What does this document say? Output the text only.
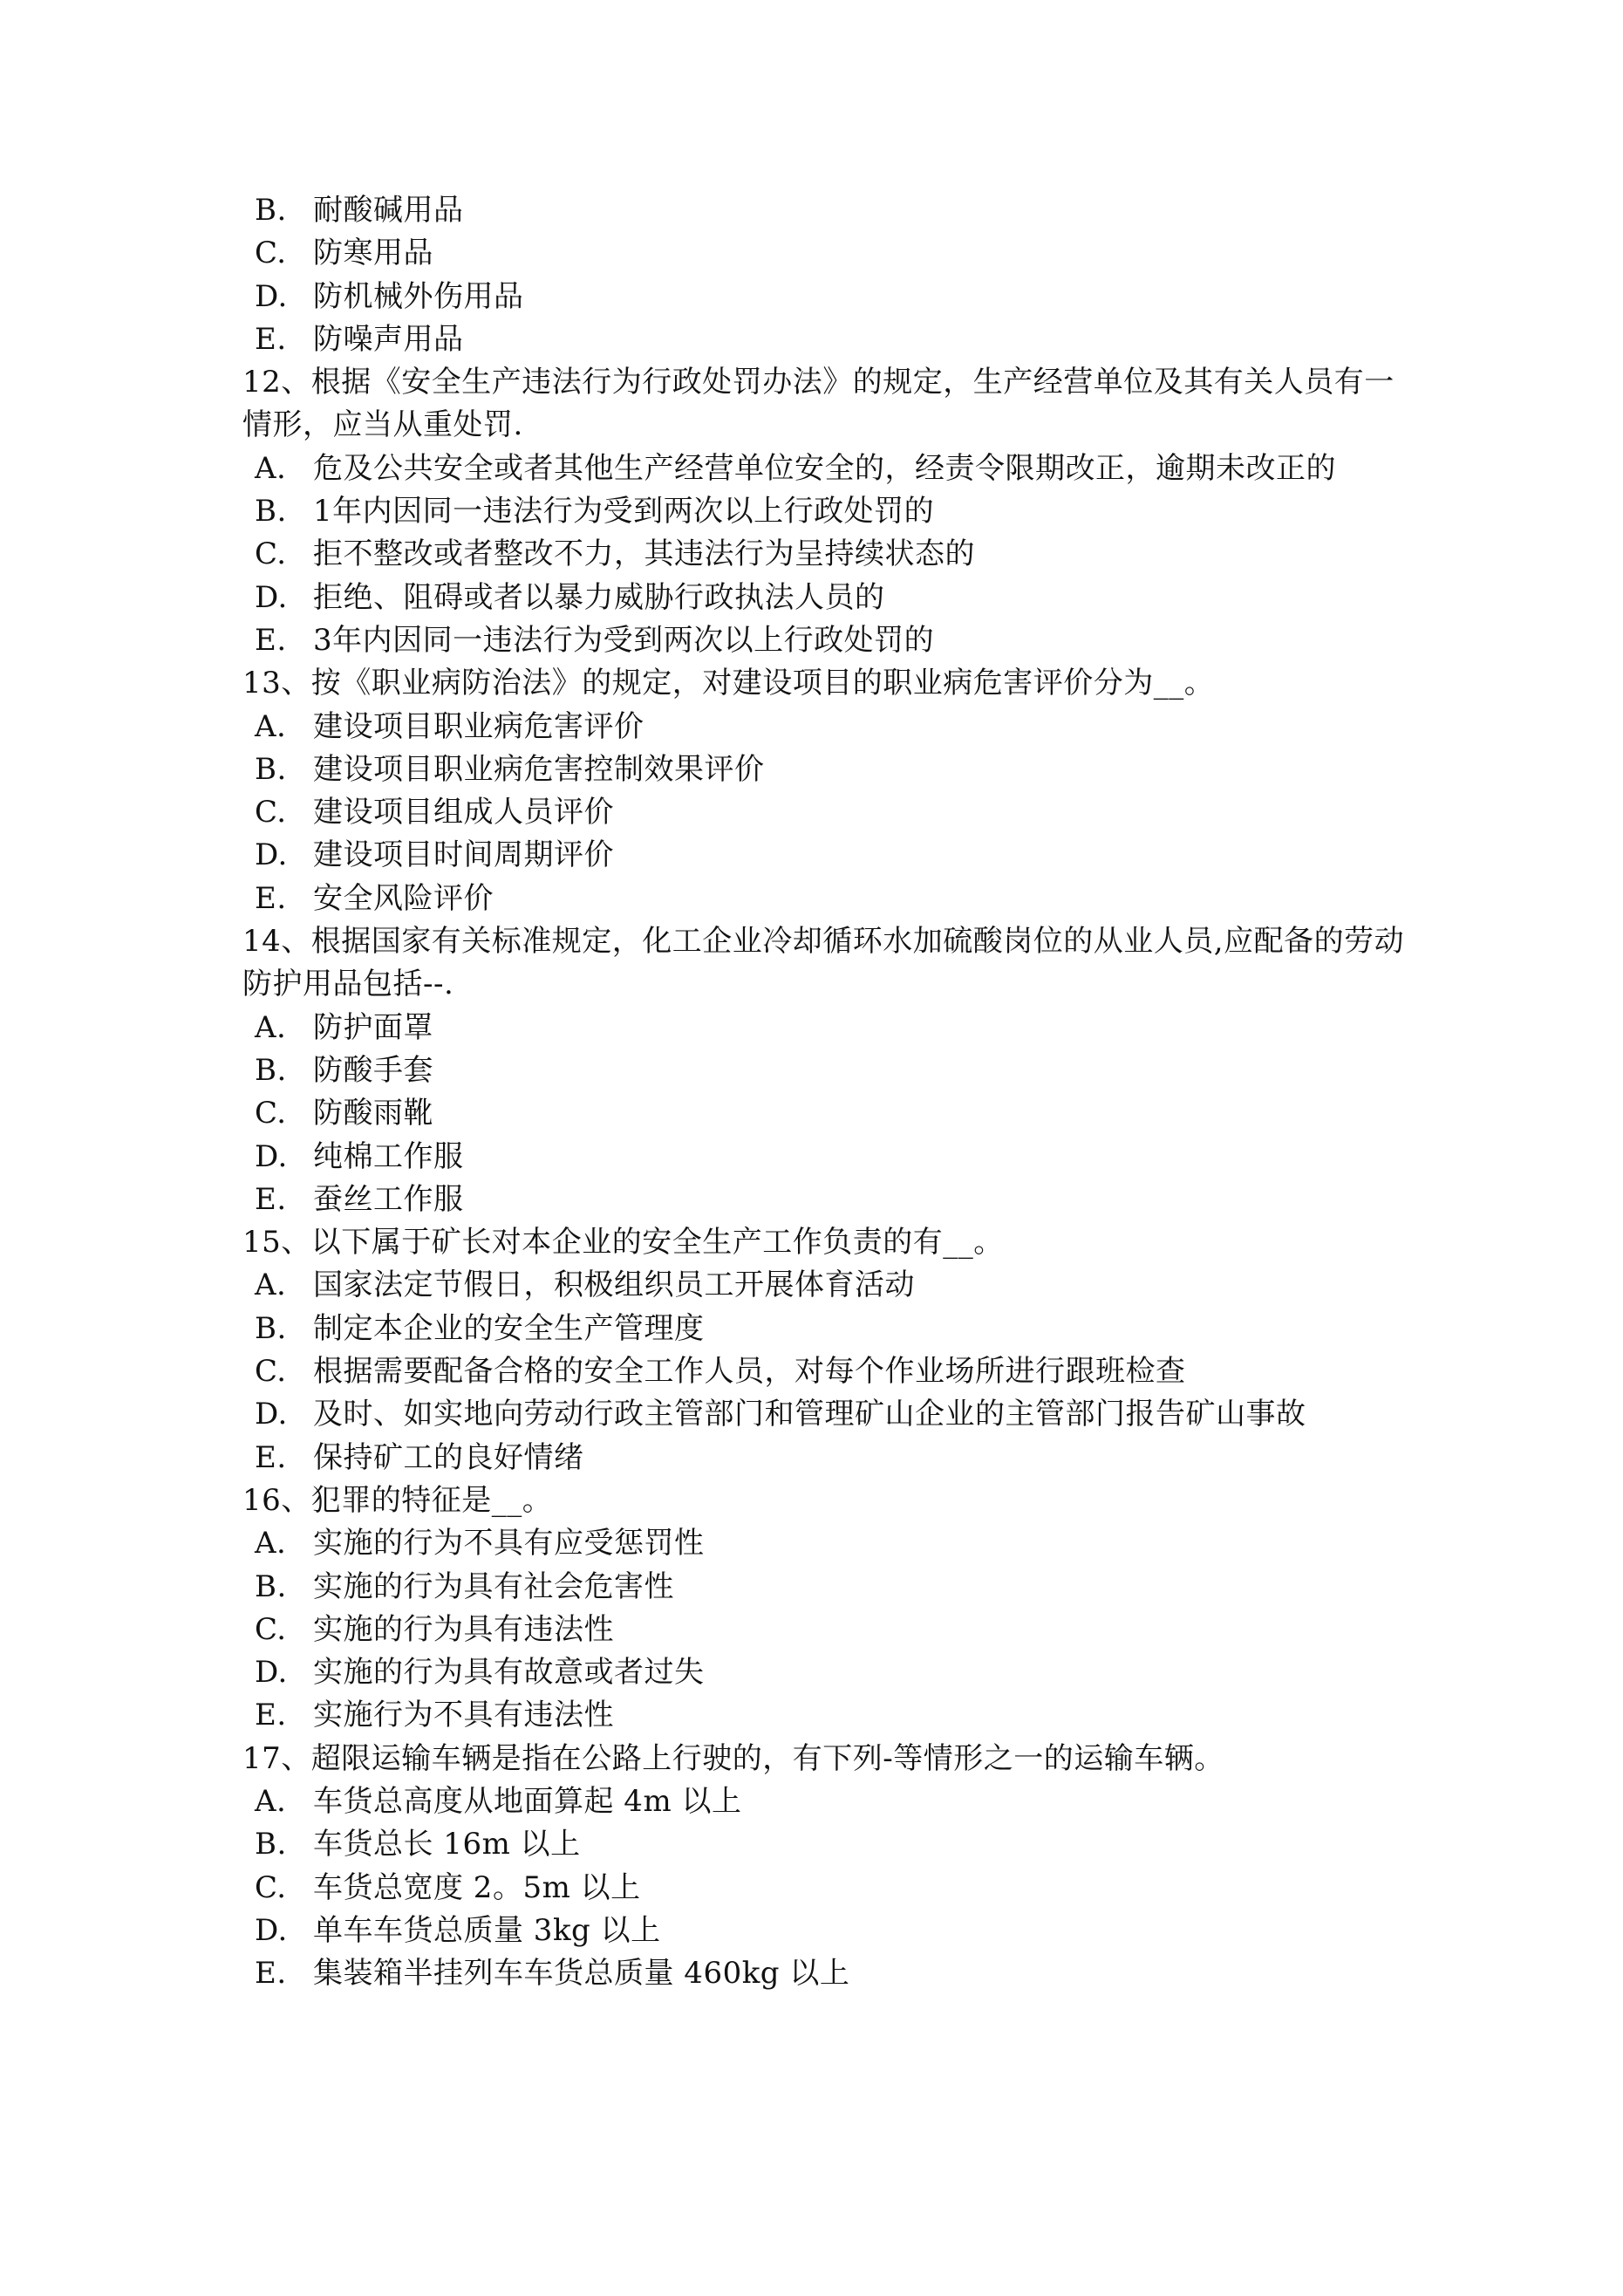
B. 耐酸碱用品
C. 防寒用品
D. 防机械外伤用品
E. 防噪声用品
12、根据《安全生产违法行为行政处罚办法》的规定，生产经营单位及其有关人员有一情形，应当从重处罚.
A. 危及公共安全或者其他生产经营单位安全的，经责令限期改正，逾期未改正的
B. 1年内因同一违法行为受到两次以上行政处罚的
C. 拒不整改或者整改不力，其违法行为呈持续状态的
D. 拒绝、阻碍或者以暴力威胁行政执法人员的
E. 3年内因同一违法行为受到两次以上行政处罚的
13、按《职业病防治法》的规定，对建设项目的职业病危害评价分为__。
A. 建设项目职业病危害评价
B. 建设项目职业病危害控制效果评价
C. 建设项目组成人员评价
D. 建设项目时间周期评价
E. 安全风险评价
14、根据国家有关标准规定，化工企业冷却循环水加硫酸岗位的从业人员,应配备的劳动防护用品包括--.
A. 防护面罩
B. 防酸手套
C. 防酸雨靴
D. 纯棉工作服
E. 蚕丝工作服
15、以下属于矿长对本企业的安全生产工作负责的有__。
A. 国家法定节假日，积极组织员工开展体育活动
B. 制定本企业的安全生产管理度
C. 根据需要配备合格的安全工作人员，对每个作业场所进行跟班检查
D. 及时、如实地向劳动行政主管部门和管理矿山企业的主管部门报告矿山事故
E. 保持矿工的良好情绪
16、犯罪的特征是__。
A. 实施的行为不具有应受惩罚性
B. 实施的行为具有社会危害性
C. 实施的行为具有违法性
D. 实施的行为具有故意或者过失
E. 实施行为不具有违法性
17、超限运输车辆是指在公路上行驶的，有下列-等情形之一的运输车辆。
A. 车货总高度从地面算起 4m 以上
B. 车货总长 16m 以上
C. 车货总宽度 2。5m 以上
D. 单车车货总质量 3kg 以上
E. 集装箱半挂列车车货总质量 460kg 以上
